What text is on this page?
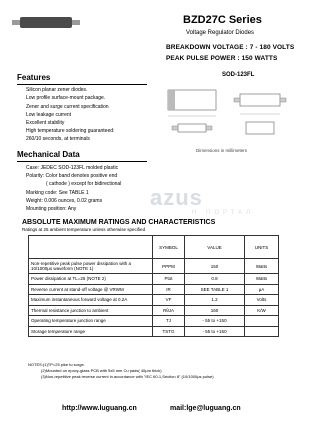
BZD27C Series
Voltage Regulator Diodes
BREAKDOWN VOLTAGE : 7 - 180 VOLTS
PEAK PULSE POWER : 150 WATTS
SOD-123FL
Features
Silicon planar zener diodes.
Low profile surface-mount package.
Zener and surge current specification
Low leakage current
Excellent stability
High temperature soldering guaranteed:
260/10 seconds, at terminals
Dimensions in millimeters
Mechanical Data
Case: JEDEC SOD-123FL molded plastic
Polarity: Color band denotes positive end
( cathode ) except for bidirectional
Marking code: See TABLE 1
Weight: 0.006 ounces, 0.02 grams
Mounting position: Any	azus
Н ПОРТАЛ
ABSOLUTE MAXIMUM RATINGS AND CHARACTERISTICS
Ratings at 25 ambient temperature unless otherwise specified
	SYMBOL	VALUE	UNITS
Non-repetitive peak pulse power dissipation with a 10/1000μs waveform (NOTE 1)	PPPM	150	Watts
Power dissipation at TL=25 (NOTE 2)	Ptot	0.8	Watts
Reverse current at stand-off voltage @ VRWM	IR	SEE TABLE 1	μA
Maximum instantaneous forward voltage at 0.2A	VF	1.2	Volts
Thermal resistance junction to ambient	RθJA	160	K/W
Operating temperature junction range	TJ	- 55 to +150	
Storage temperature range	TSTG	- 55 to +150	
NOTES:(1)TP=25 pike to surge.
(2)Mounted on epoxy-glass PCB with 5x5 mm Cu pads( 40μm thick)
(3)Non-repetitive peak reverse current in accordance with "IEC 60-1,Section 8" (10/1000μs pulse)
http://www.luguang.cn	mail:lge@luguang.cn
